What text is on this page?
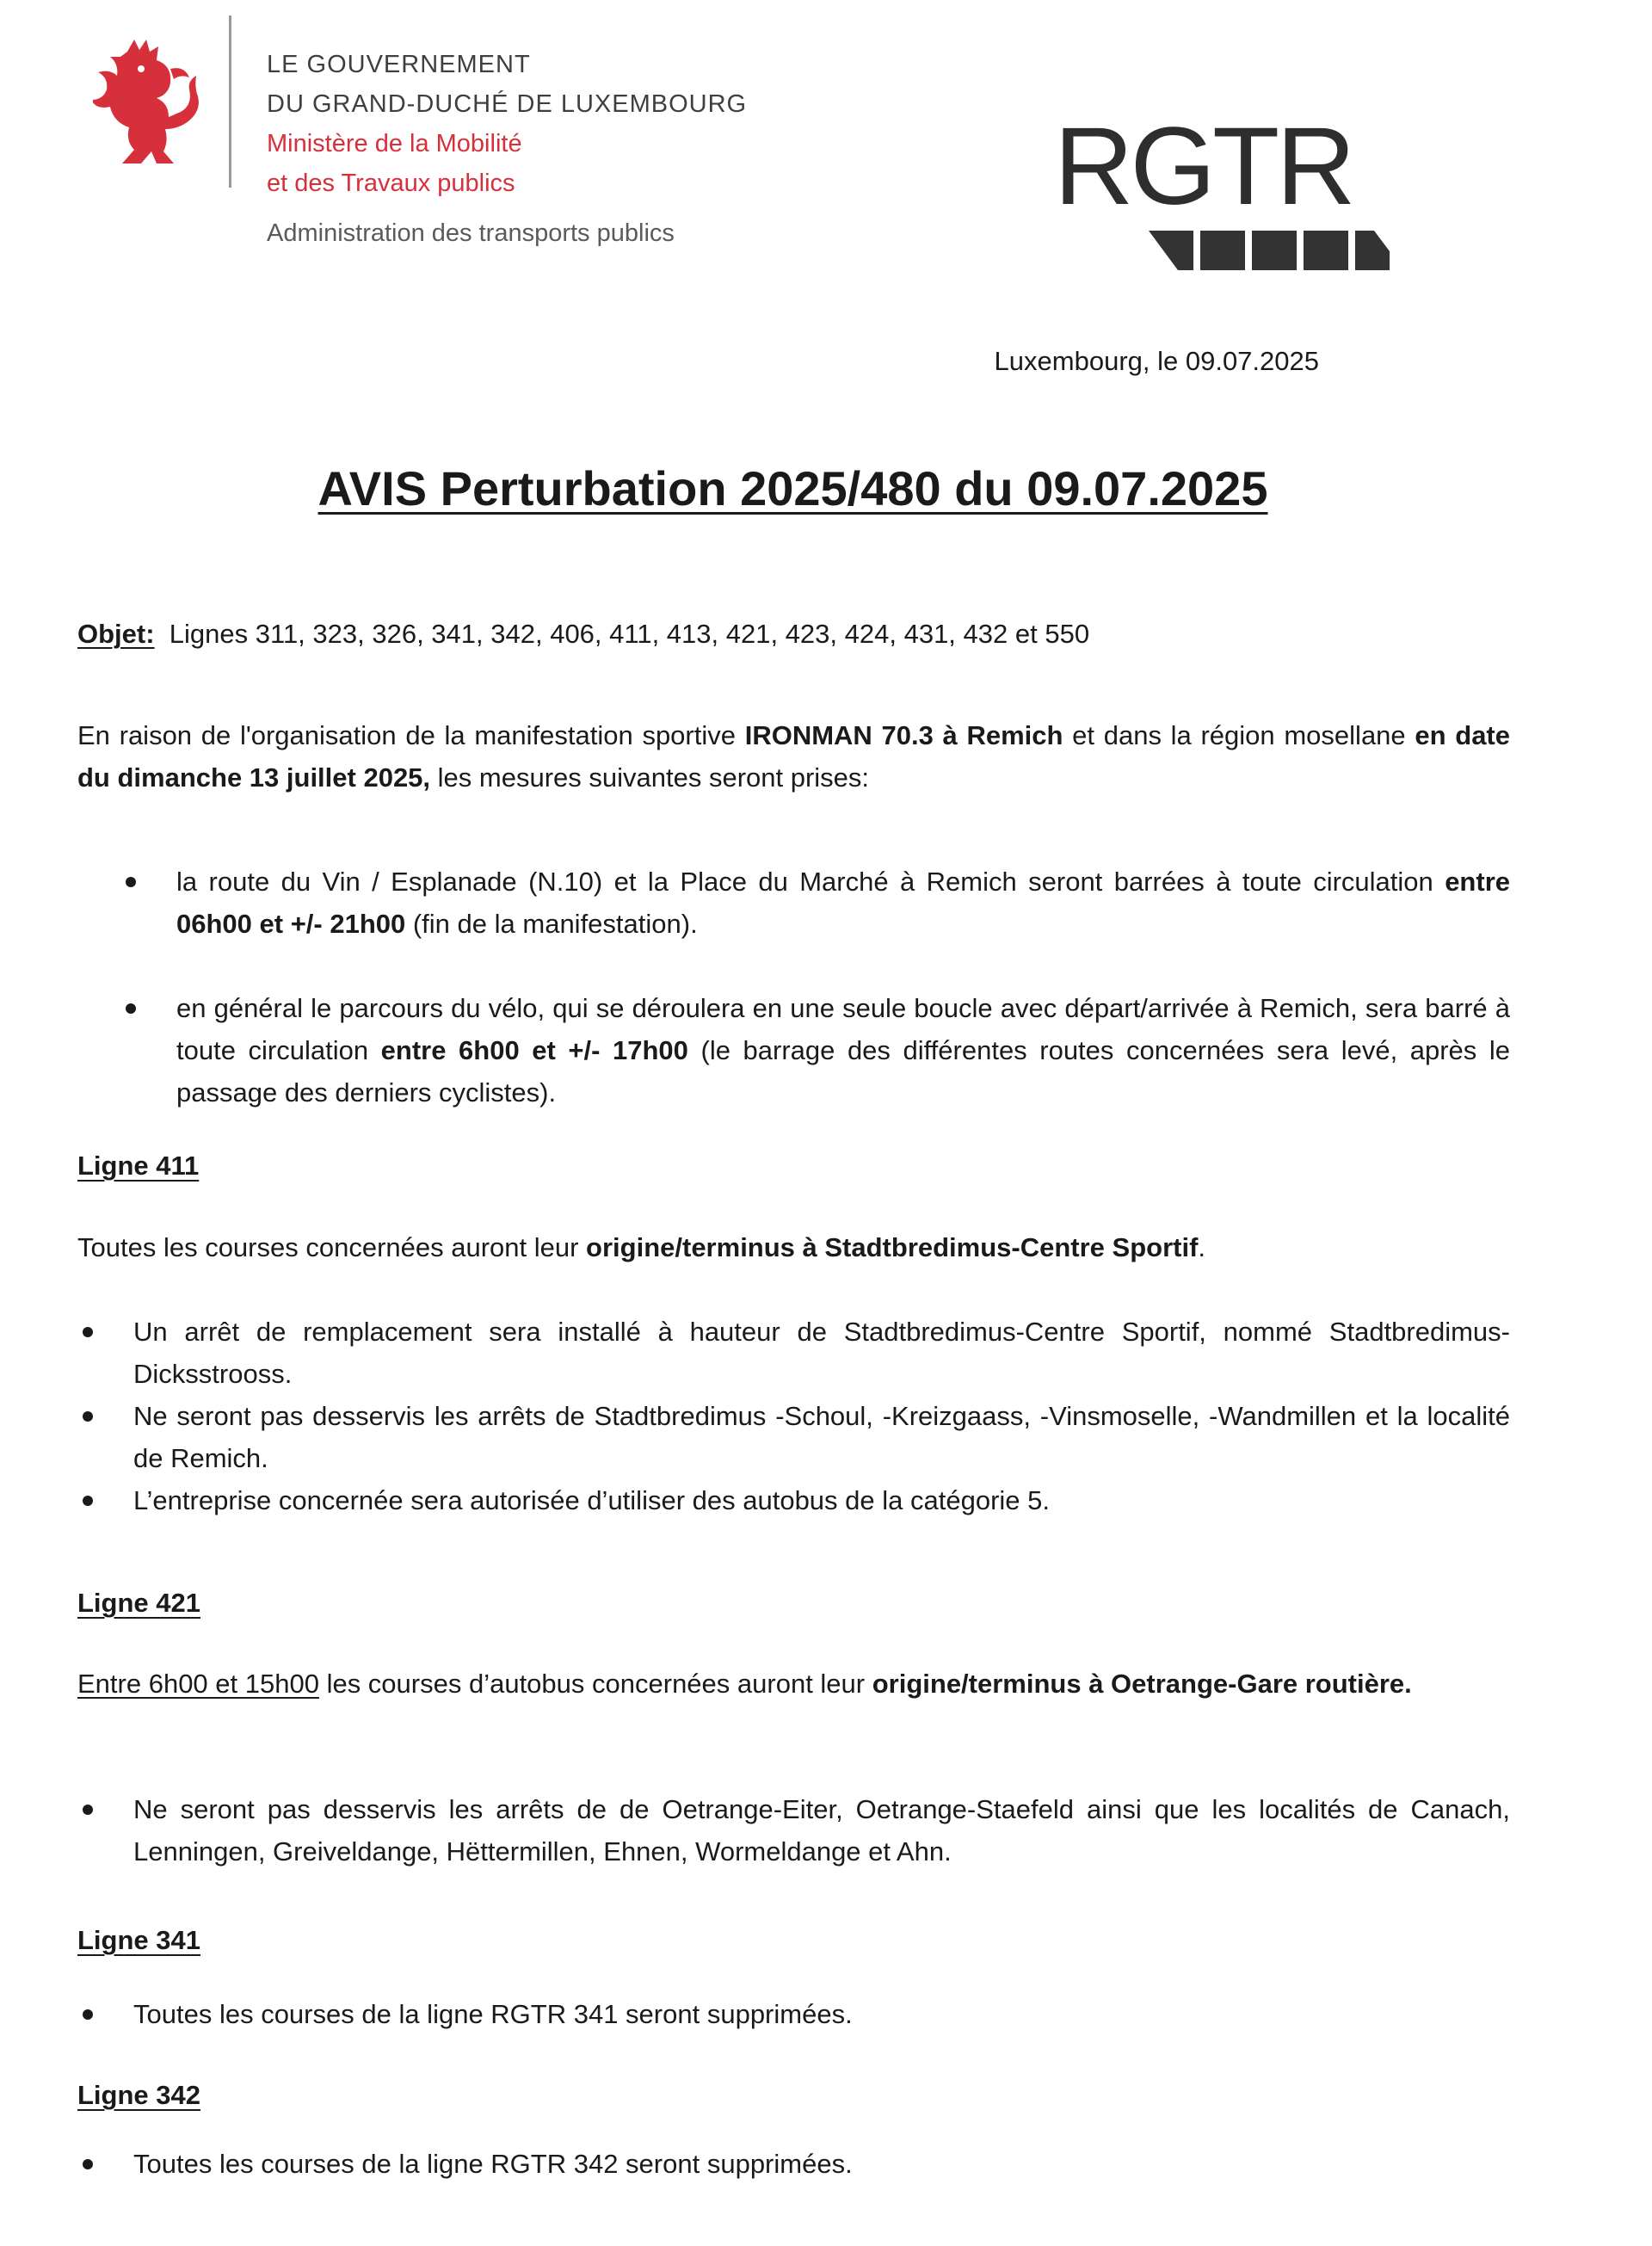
LE GOUVERNEMENT
DU GRAND-DUCHÉ DE LUXEMBOURG
Ministère de la Mobilité
et des Travaux publics
Administration des transports publics
RGTR
Luxembourg, le 09.07.2025
AVIS Perturbation 2025/480 du 09.07.2025
Objet: Lignes 311, 323, 326, 341, 342, 406, 411, 413, 421, 423, 424, 431, 432 et 550
En raison de l'organisation de la manifestation sportive IRONMAN 70.3 à Remich et dans la région mosellane en date du dimanche 13 juillet 2025, les mesures suivantes seront prises:
la route du Vin / Esplanade (N.10) et la Place du Marché à Remich seront barrées à toute circulation entre 06h00 et +/- 21h00 (fin de la manifestation).
en général le parcours du vélo, qui se déroulera en une seule boucle avec départ/arrivée à Remich, sera barré à toute circulation entre 6h00 et +/- 17h00 (le barrage des différentes routes concernées sera levé, après le passage des derniers cyclistes).
Ligne 411
Toutes les courses concernées auront leur origine/terminus à Stadtbredimus-Centre Sportif.
Un arrêt de remplacement sera installé à hauteur de Stadtbredimus-Centre Sportif, nommé Stadtbredimus-Dicksstrooss.
Ne seront pas desservis les arrêts de Stadtbredimus -Schoul, -Kreizgaass, -Vinsmoselle, -Wandmillen et la localité de Remich.
L’entreprise concernée sera autorisée d’utiliser des autobus de la catégorie 5.
Ligne 421
Entre 6h00 et 15h00 les courses d’autobus concernées auront leur origine/terminus à Oetrange-Gare routière.
Ne seront pas desservis les arrêts de de Oetrange-Eiter, Oetrange-Staefeld ainsi que les localités de Canach, Lenningen, Greiveldange, Hëttermillen, Ehnen, Wormeldange et Ahn.
Ligne 341
Toutes les courses de la ligne RGTR 341 seront supprimées.
Ligne 342
Toutes les courses de la ligne RGTR 342 seront supprimées.
